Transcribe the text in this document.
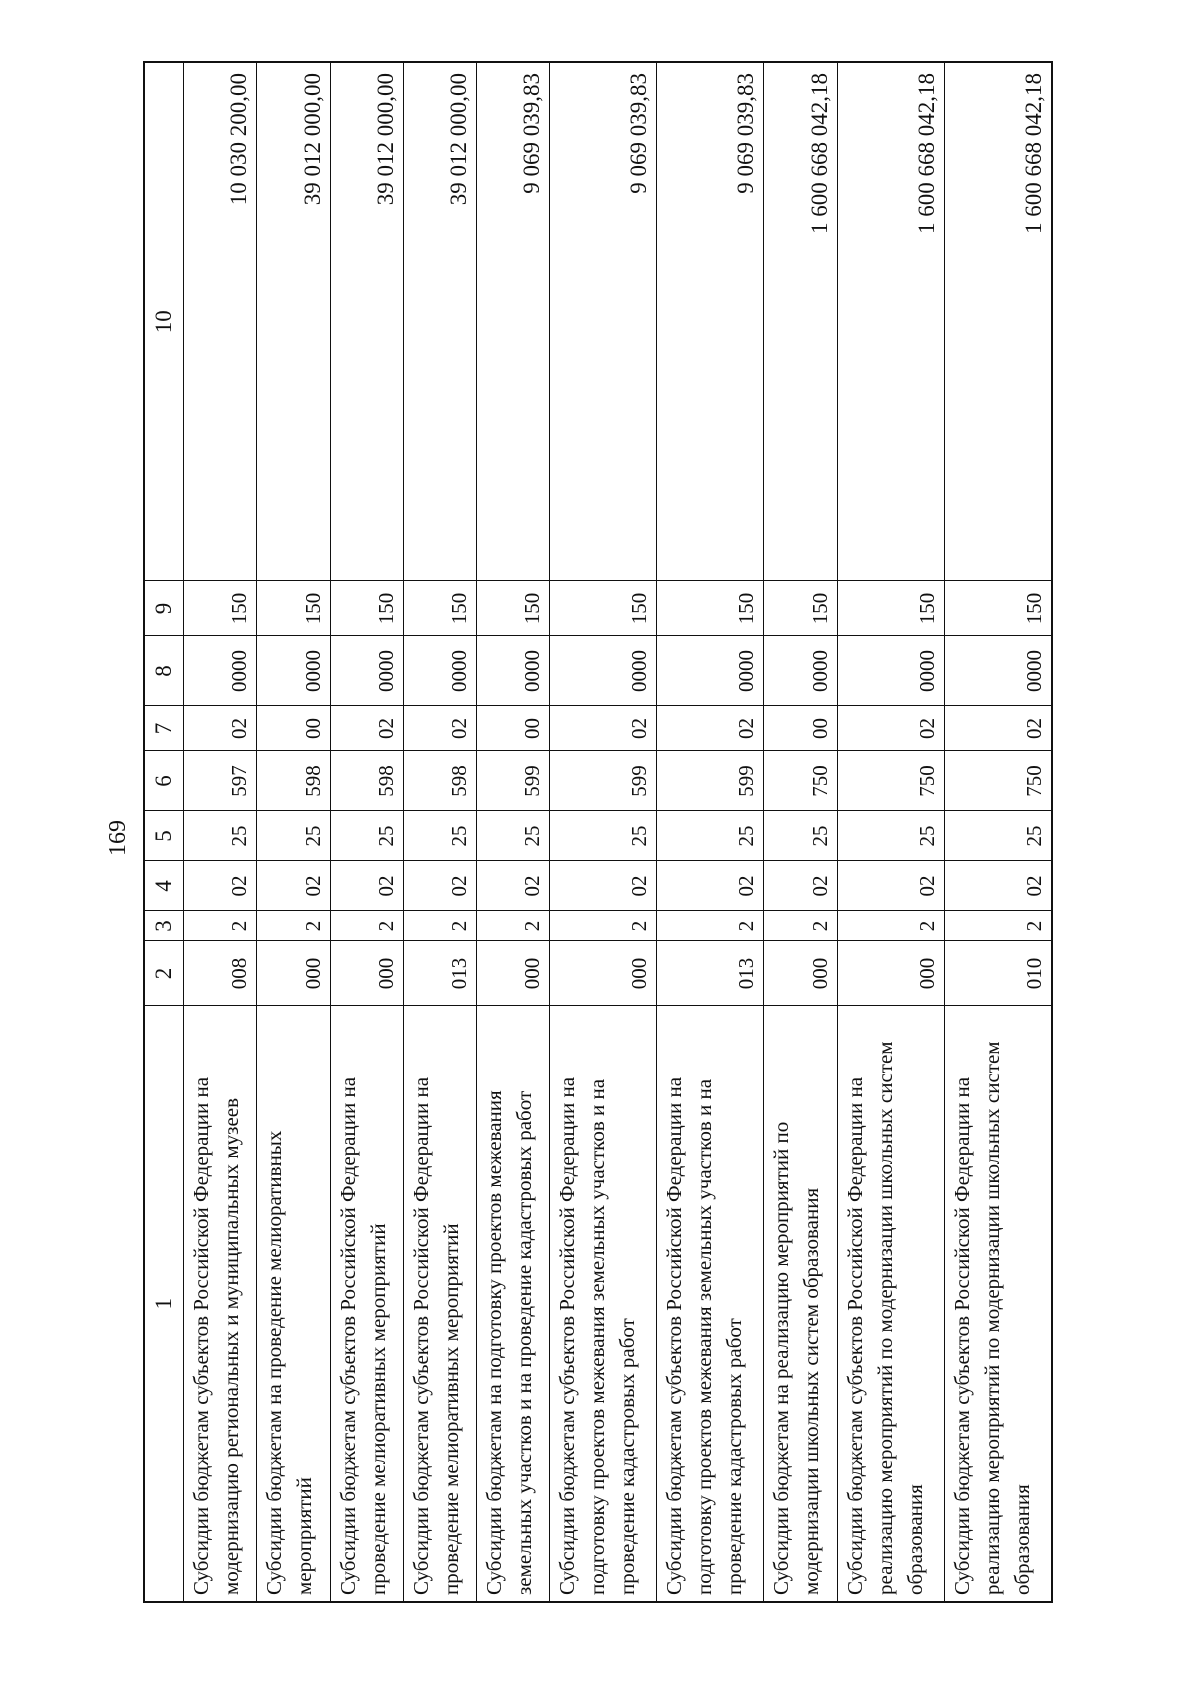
169
1	2	3	4	5	6	7	8	9	10
Субсидии бюджетам субъектов Российской Федерации на модернизацию региональных и муниципальных музеев	008	2	02	25	597	02	0000	150	10 030 200,00
Субсидии бюджетам на проведение мелиоративных мероприятий	000	2	02	25	598	00	0000	150	39 012 000,00
Субсидии бюджетам субъектов Российской Федерации на проведение мелиоративных мероприятий	000	2	02	25	598	02	0000	150	39 012 000,00
Субсидии бюджетам субъектов Российской Федерации на проведение мелиоративных мероприятий	013	2	02	25	598	02	0000	150	39 012 000,00
Субсидии бюджетам на подготовку проектов межевания земельных участков и на проведение кадастровых работ	000	2	02	25	599	00	0000	150	9 069 039,83
Субсидии бюджетам субъектов Российской Федерации на подготовку проектов межевания земельных участков и на проведение кадастровых работ	000	2	02	25	599	02	0000	150	9 069 039,83
Субсидии бюджетам субъектов Российской Федерации на подготовку проектов межевания земельных участков и на проведение кадастровых работ	013	2	02	25	599	02	0000	150	9 069 039,83
Субсидии бюджетам на реализацию мероприятий по модернизации школьных систем образования	000	2	02	25	750	00	0000	150	1 600 668 042,18
Субсидии бюджетам субъектов Российской Федерации на реализацию мероприятий по модернизации школьных систем образования	000	2	02	25	750	02	0000	150	1 600 668 042,18
Субсидии бюджетам субъектов Российской Федерации на реализацию мероприятий по модернизации школьных систем образования	010	2	02	25	750	02	0000	150	1 600 668 042,18
